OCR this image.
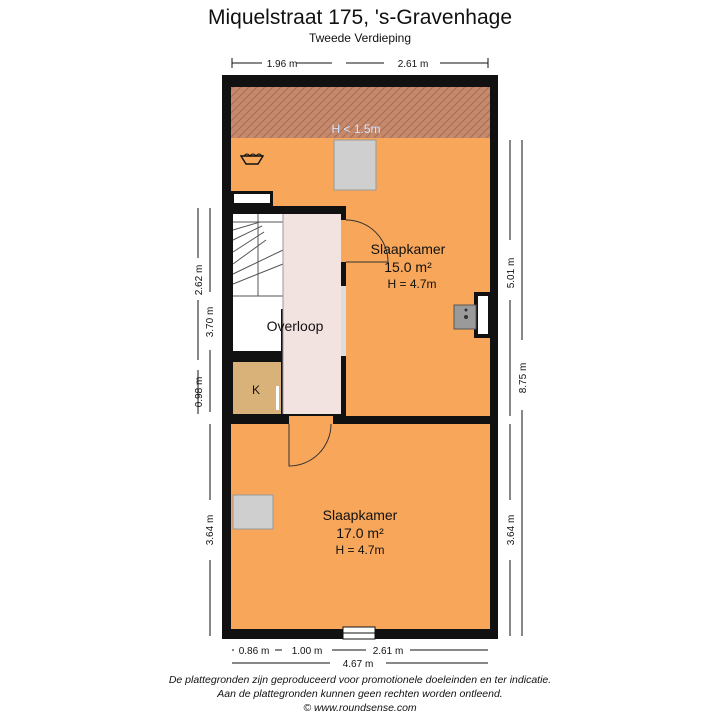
Miquelstraat 175, 's-Gravenhage
Tweede Verdieping
Slaapkamer
15.0 m²
H = 4.7m
Slaapkamer
17.0 m²
H = 4.7m
Overloop
K
H < 1.5m
1.96 m	2.61 m
2.62 m
3.70 m
0.98 m
3.64 m
5.01 m
8.75 m
3.64 m
0.86 m 1.00 m	2.61 m
4.67 m
De plattegronden zijn geproduceerd voor promotionele doeleinden en ter indicatie.
Aan de plattegronden kunnen geen rechten worden ontleend.
© www.roundsense.com
